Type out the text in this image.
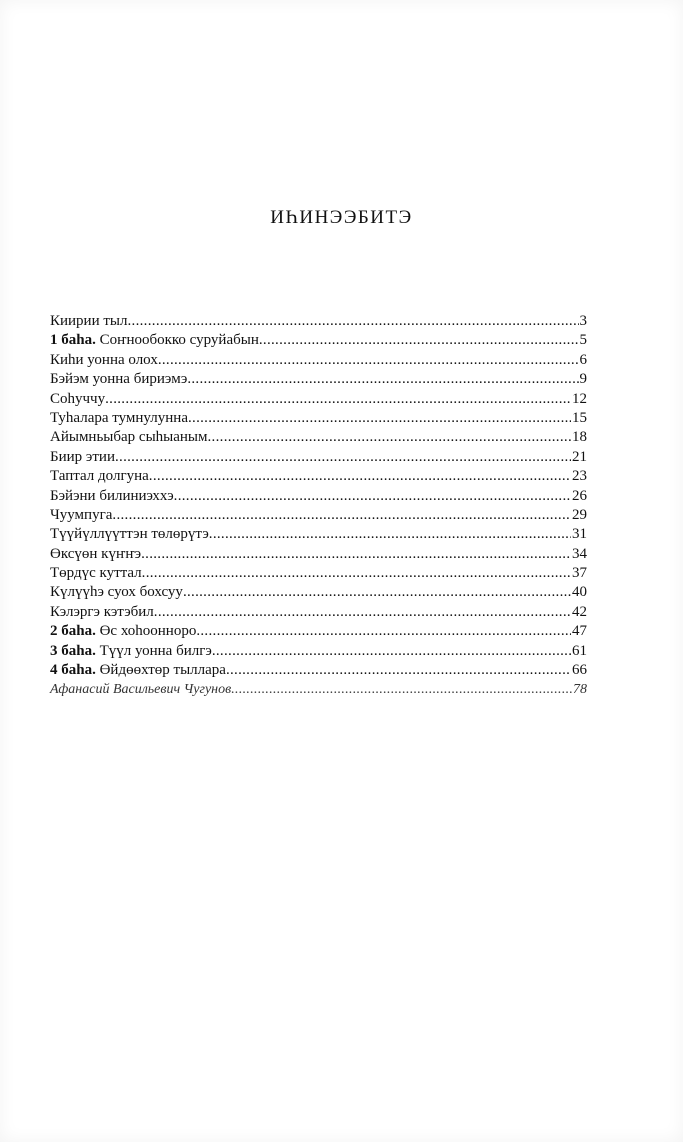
ИҺИНЭЭБИТЭ
Киирии тыл .....	3
1 баһа. Соҥнообокко суруйабын .....	5
Киһи уонна олох .....	6
Бэйэм уонна бириэмэ .....	9
Соһуччу .....	12
Туһалара тумнулунна .....	15
Айымньыбар сыһыаным .....	18
Биир этии .....	21
Таптал долгуна .....	23
Бэйэни билиниэххэ .....	26
Чуумпуга .....	29
Түүйүллүүттэн төлөрүтэ .....	31
Өксүөн күҥҥэ .....	34
Төрдүс куттал .....	37
Күлүүһэ суох бохсуу .....	40
Кэлэргэ кэтэбил .....	42
2 баһа. Өс хоһоонноро .....	47
3 баһа. Түүл уонна билгэ .....	61
4 баһа. Өйдөөхтөр тыллара .....	66
Афанасий Васильевич Чугунов .....	78
